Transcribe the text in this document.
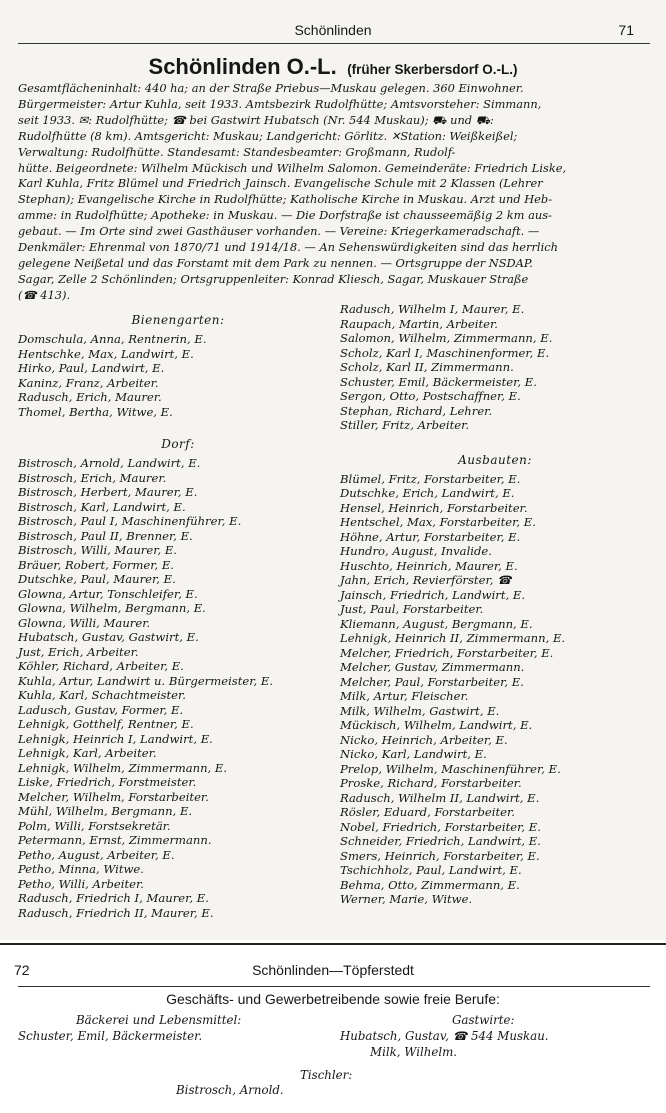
Schönlinden	71
Schönlinden O.-L. (früher Skerbersdorf O.-L.)
Gesamtflächeninhalt: 440 ha; an der Straße Priebus—Muskau gelegen. 360 Einwohner.
Bürgermeister: Artur Kuhla, seit 1933. Amtsbezirk Rudolfhütte; Amtsvorsteher: Simmann,
seit 1933. ✉: Rudolfhütte; ☎ bei Gastwirt Hubatsch (Nr. 544 Muskau); ⛟ und ⛟:
Rudolfhütte (8 km). Amtsgericht: Muskau; Landgericht: Görlitz. ✕Station: Weißkeißel;
Verwaltung: Rudolfhütte. Standesamt: Standesbeamter: Großmann, Rudolf-
hütte. Beigeordnete: Wilhelm Mückisch und Wilhelm Salomon. Gemeinderäte: Friedrich Liske,
Karl Kuhla, Fritz Blümel und Friedrich Jainsch. Evangelische Schule mit 2 Klassen (Lehrer
Stephan); Evangelische Kirche in Rudolfhütte; Katholische Kirche in Muskau. Arzt und Heb-
amme: in Rudolfhütte; Apotheke: in Muskau. — Die Dorfstraße ist chausseemäßig 2 km aus-
gebaut. — Im Orte sind zwei Gasthäuser vorhanden. — Vereine: Kriegerkameradschaft. —
Denkmäler: Ehrenmal von 1870/71 und 1914/18. — An Sehenswürdigkeiten sind das herrlich
gelegene Neißetal und das Forstamt mit dem Park zu nennen. — Ortsgruppe der NSDAP.
Sagar, Zelle 2 Schönlinden; Ortsgruppenleiter: Konrad Kliesch, Sagar, Muskauer Straße
(☎ 413).
Bienengarten:
Domschula, Anna, Rentnerin, E.
Hentschke, Max, Landwirt, E.
Hirko, Paul, Landwirt, E.
Kaninz, Franz, Arbeiter.
Radusch, Erich, Maurer.
Thomel, Bertha, Witwe, E.
Dorf:
Bistrosch, Arnold, Landwirt, E.
Bistrosch, Erich, Maurer.
Bistrosch, Herbert, Maurer, E.
Bistrosch, Karl, Landwirt, E.
Bistrosch, Paul I, Maschinenführer, E.
Bistrosch, Paul II, Brenner, E.
Bistrosch, Willi, Maurer, E.
Bräuer, Robert, Former, E.
Dutschke, Paul, Maurer, E.
Glowna, Artur, Tonschleifer, E.
Glowna, Wilhelm, Bergmann, E.
Glowna, Willi, Maurer.
Hubatsch, Gustav, Gastwirt, E.
Just, Erich, Arbeiter.
Köhler, Richard, Arbeiter, E.
Kuhla, Artur, Landwirt u. Bürgermeister, E.
Kuhla, Karl, Schachtmeister.
Ladusch, Gustav, Former, E.
Lehnigk, Gotthelf, Rentner, E.
Lehnigk, Heinrich I, Landwirt, E.
Lehnigk, Karl, Arbeiter.
Lehnigk, Wilhelm, Zimmermann, E.
Liske, Friedrich, Forstmeister.
Melcher, Wilhelm, Forstarbeiter.
Mühl, Wilhelm, Bergmann, E.
Polm, Willi, Forstsekretär.
Petermann, Ernst, Zimmermann.
Petho, August, Arbeiter, E.
Petho, Minna, Witwe.
Petho, Willi, Arbeiter.
Radusch, Friedrich I, Maurer, E.
Radusch, Friedrich II, Maurer, E.
Radusch, Wilhelm I, Maurer, E.
Raupach, Martin, Arbeiter.
Salomon, Wilhelm, Zimmermann, E.
Scholz, Karl I, Maschinenformer, E.
Scholz, Karl II, Zimmermann.
Schuster, Emil, Bäckermeister, E.
Sergon, Otto, Postschaffner, E.
Stephan, Richard, Lehrer.
Stiller, Fritz, Arbeiter.
Ausbauten:
Blümel, Fritz, Forstarbeiter, E.
Dutschke, Erich, Landwirt, E.
Hensel, Heinrich, Forstarbeiter.
Hentschel, Max, Forstarbeiter, E.
Höhne, Artur, Forstarbeiter, E.
Hundro, August, Invalide.
Huschto, Heinrich, Maurer, E.
Jahn, Erich, Revierförster, ☎
Jainsch, Friedrich, Landwirt, E.
Just, Paul, Forstarbeiter.
Kliemann, August, Bergmann, E.
Lehnigk, Heinrich II, Zimmermann, E.
Melcher, Friedrich, Forstarbeiter, E.
Melcher, Gustav, Zimmermann.
Melcher, Paul, Forstarbeiter, E.
Milk, Artur, Fleischer.
Milk, Wilhelm, Gastwirt, E.
Mückisch, Wilhelm, Landwirt, E.
Nicko, Heinrich, Arbeiter, E.
Nicko, Karl, Landwirt, E.
Prelop, Wilhelm, Maschinenführer, E.
Proske, Richard, Forstarbeiter.
Radusch, Wilhelm II, Landwirt, E.
Rösler, Eduard, Forstarbeiter.
Nobel, Friedrich, Forstarbeiter, E.
Schneider, Friedrich, Landwirt, E.
Smers, Heinrich, Forstarbeiter, E.
Tschichholz, Paul, Landwirt, E.
Behma, Otto, Zimmermann, E.
Werner, Marie, Witwe.
72	Schönlinden—Töpferstedt
Geschäfts- und Gewerbetreibende sowie freie Berufe:
Bäckerei und Lebensmittel:
Schuster, Emil, Bäckermeister.
Gastwirte:
Hubatsch, Gustav, ☎ 544 Muskau.
Milk, Wilhelm.
Tischler:
Bistrosch, Arnold.
